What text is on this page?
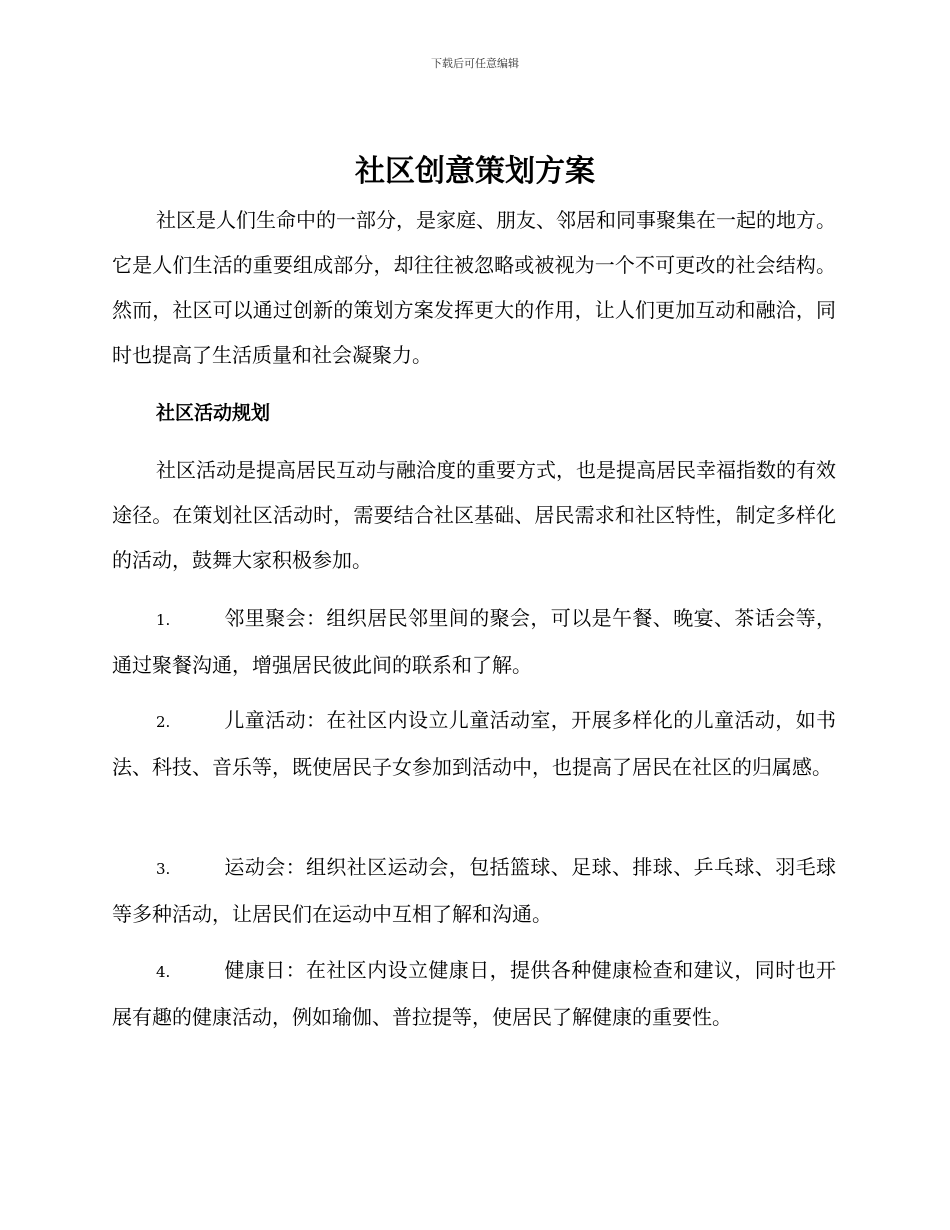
下载后可任意编辑
社区创意策划方案
社区是人们生命中的一部分，是家庭、朋友、邻居和同事聚集在一起的地方。它是人们生活的重要组成部分，却往往被忽略或被视为一个不可更改的社会结构。然而，社区可以通过创新的策划方案发挥更大的作用，让人们更加互动和融洽，同时也提高了生活质量和社会凝聚力。
社区活动规划
社区活动是提高居民互动与融洽度的重要方式，也是提高居民幸福指数的有效途径。在策划社区活动时，需要结合社区基础、居民需求和社区特性，制定多样化的活动，鼓舞大家积极参加。
1.	邻里聚会：组织居民邻里间的聚会，可以是午餐、晚宴、茶话会等，通过聚餐沟通，增强居民彼此间的联系和了解。
2.	儿童活动：在社区内设立儿童活动室，开展多样化的儿童活动，如书法、科技、音乐等，既使居民子女参加到活动中，也提高了居民在社区的归属感。
3.	运动会：组织社区运动会，包括篮球、足球、排球、乒乓球、羽毛球等多种活动，让居民们在运动中互相了解和沟通。
4.	健康日：在社区内设立健康日，提供各种健康检查和建议，同时也开展有趣的健康活动，例如瑜伽、普拉提等，使居民了解健康的重要性。
